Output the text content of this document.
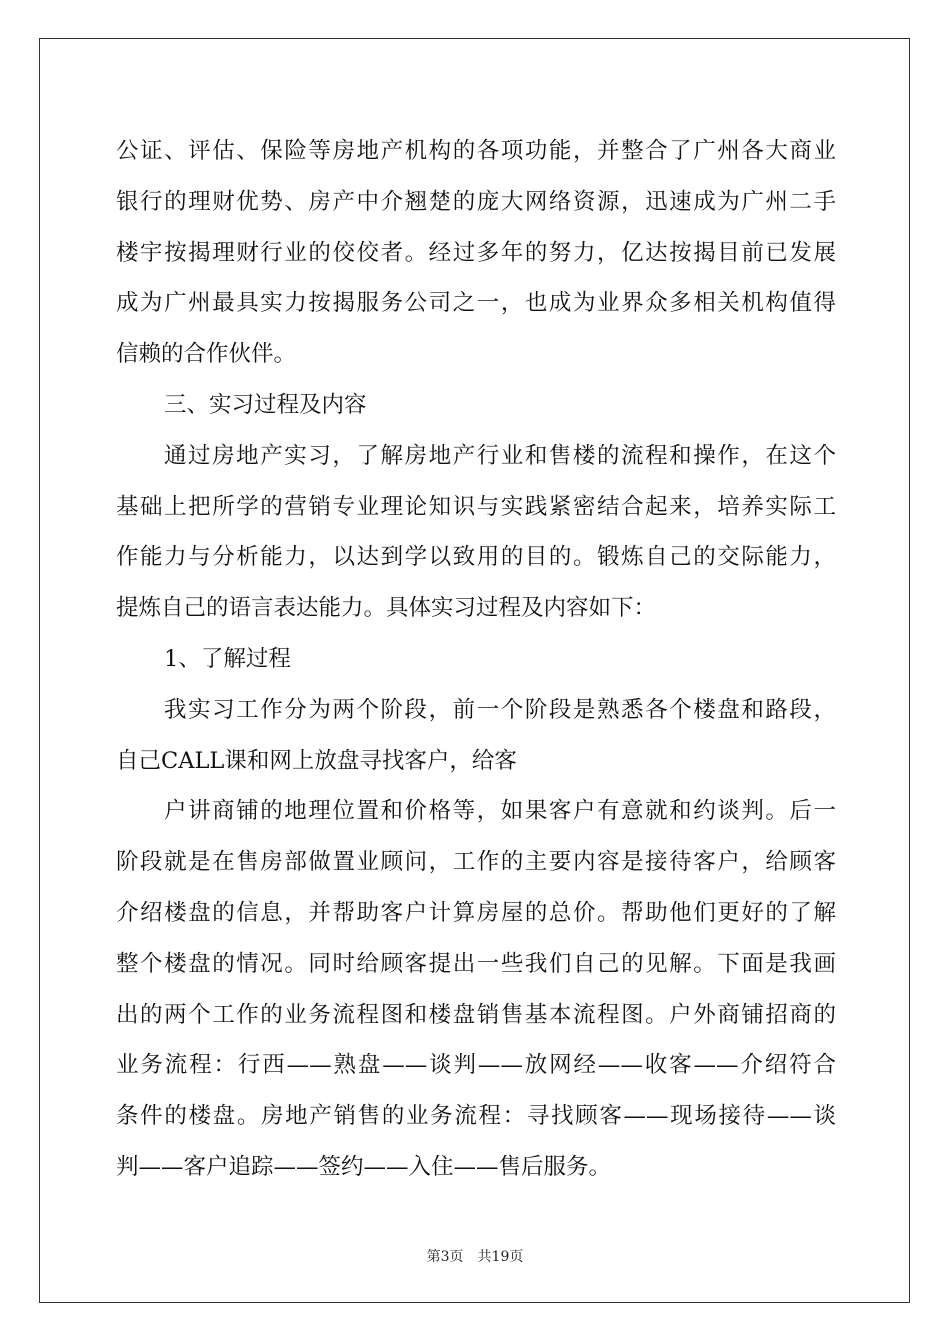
公证、评估、保险等房地产机构的各项功能，并整合了广州各大商业
银行的理财优势、房产中介翘楚的庞大网络资源，迅速成为广州二手
楼宇按揭理财行业的佼佼者。经过多年的努力，亿达按揭目前已发展
成为广州最具实力按揭服务公司之一，也成为业界众多相关机构值得
信赖的合作伙伴。
三、实习过程及内容
通过房地产实习，了解房地产行业和售楼的流程和操作，在这个
基础上把所学的营销专业理论知识与实践紧密结合起来，培养实际工
作能力与分析能力，以达到学以致用的目的。锻炼自己的交际能力，
提炼自己的语言表达能力。具体实习过程及内容如下：
1、了解过程
我实习工作分为两个阶段，前一个阶段是熟悉各个楼盘和路段，
自己CALL课和网上放盘寻找客户，给客
户讲商铺的地理位置和价格等，如果客户有意就和约谈判。后一
阶段就是在售房部做置业顾问，工作的主要内容是接待客户，给顾客
介绍楼盘的信息，并帮助客户计算房屋的总价。帮助他们更好的了解
整个楼盘的情况。同时给顾客提出一些我们自己的见解。下面是我画
出的两个工作的业务流程图和楼盘销售基本流程图。户外商铺招商的
业务流程：行西——熟盘——谈判——放网经——收客——介绍符合
条件的楼盘。房地产销售的业务流程：寻找顾客——现场接待——谈
判——客户追踪——签约——入住——售后服务。
第3页　共19页
